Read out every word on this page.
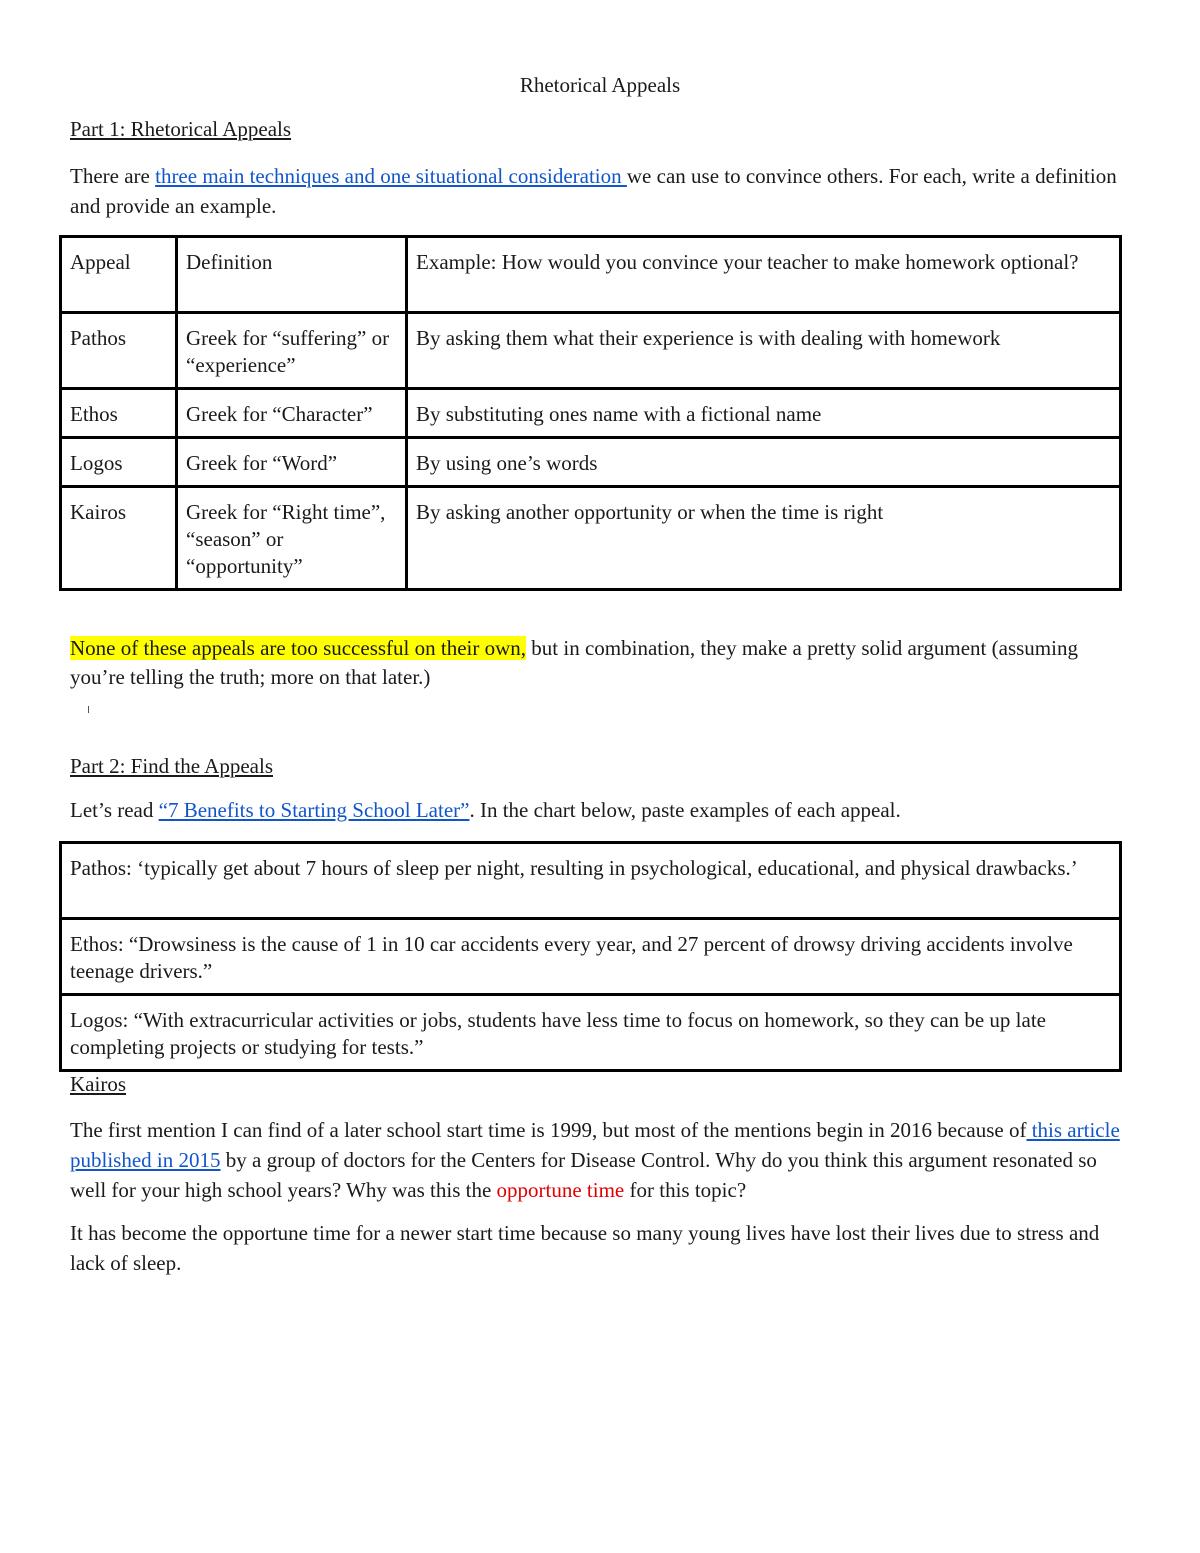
Rhetorical Appeals
Part 1: Rhetorical Appeals
There are three main techniques and one situational consideration we can use to convince others. For each, write a definition and provide an example.
Appeal	Definition	Example: How would you convince your teacher to make homework optional?
Pathos	Greek for “suffering” or “experience”	By asking them what their experience is with dealing with homework
Ethos	Greek for “Character”	By substituting ones name with a fictional name
Logos	Greek for “Word”	By using one’s words
Kairos	Greek for “Right time”, “season” or “opportunity”	By asking another opportunity or when the time is right
None of these appeals are too successful on their own, but in combination, they make a pretty solid argument (assuming you’re telling the truth; more on that later.)
Part 2: Find the Appeals
Let’s read “7 Benefits to Starting School Later”. In the chart below, paste examples of each appeal.
Pathos: ‘typically get about 7 hours of sleep per night, resulting in psychological, educational, and physical drawbacks.’
Ethos: “Drowsiness is the cause of 1 in 10 car accidents every year, and 27 percent of drowsy driving accidents involve teenage drivers.”
Logos: “With extracurricular activities or jobs, students have less time to focus on homework, so they can be up late completing projects or studying for tests.”
Kairos
The first mention I can find of a later school start time is 1999, but most of the mentions begin in 2016 because of this article published in 2015 by a group of doctors for the Centers for Disease Control. Why do you think this argument resonated so well for your high school years? Why was this the opportune time for this topic?
It has become the opportune time for a newer start time because so many young lives have lost their lives due to stress and lack of sleep.
